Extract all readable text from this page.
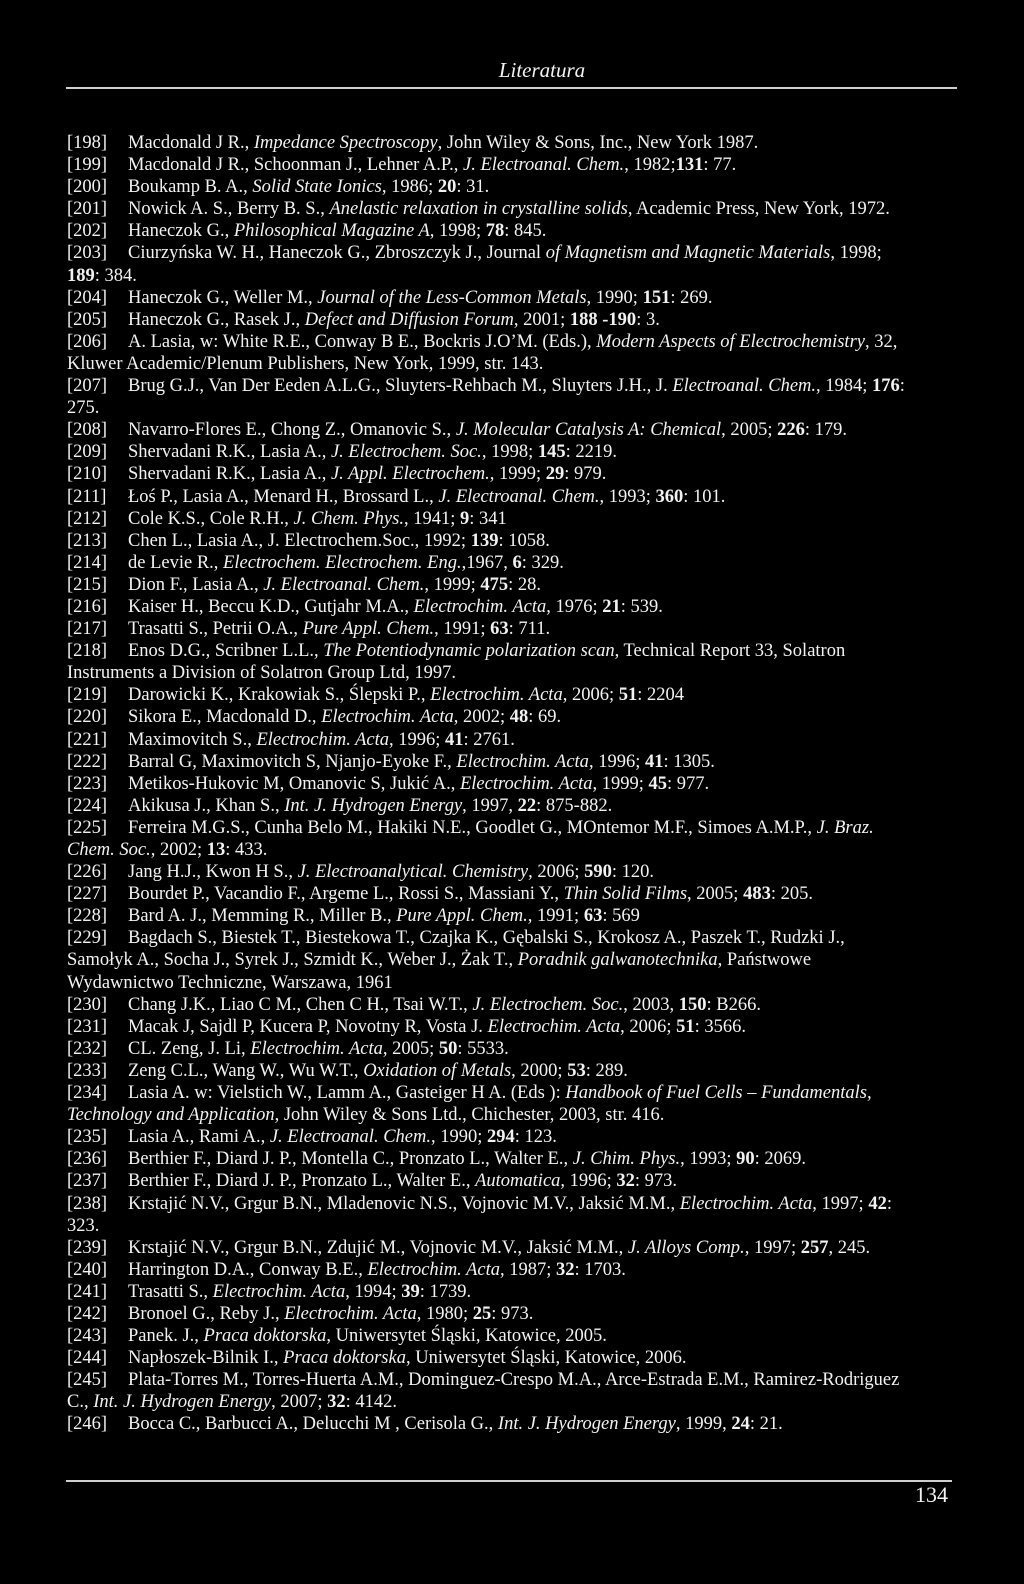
Literatura
[198] Macdonald J R., Impedance Spectroscopy, John Wiley & Sons, Inc., New York 1987.
[199] Macdonald J R., Schoonman J., Lehner A.P., J. Electroanal. Chem., 1982;131: 77.
[200] Boukamp B. A., Solid State Ionics, 1986; 20: 31.
[201] Nowick A. S., Berry B. S., Anelastic relaxation in crystalline solids, Academic Press, New York, 1972.
[202] Haneczok G., Philosophical Magazine A, 1998; 78: 845.
[203] Ciurzyńska W. H., Haneczok G., Zbroszczyk J., Journal of Magnetism and Magnetic Materials, 1998;
189: 384.
[204] Haneczok G., Weller M., Journal of the Less-Common Metals, 1990; 151: 269.
[205] Haneczok G., Rasek J., Defect and Diffusion Forum, 2001; 188 -190: 3.
[206] A. Lasia, w: White R.E., Conway B E., Bockris J.O’M. (Eds.), Modern Aspects of Electrochemistry, 32,
Kluwer Academic/Plenum Publishers, New York, 1999, str. 143.
[207] Brug G.J., Van Der Eeden A.L.G., Sluyters-Rehbach M., Sluyters J.H., J. Electroanal. Chem., 1984; 176:
275.
[208] Navarro-Flores E., Chong Z., Omanovic S., J. Molecular Catalysis A: Chemical, 2005; 226: 179.
[209] Shervadani R.K., Lasia A., J. Electrochem. Soc., 1998; 145: 2219.
[210] Shervadani R.K., Lasia A., J. Appl. Electrochem., 1999; 29: 979.
[211] Łoś P., Lasia A., Menard H., Brossard L., J. Electroanal. Chem., 1993; 360: 101.
[212] Cole K.S., Cole R.H., J. Chem. Phys., 1941; 9: 341
[213] Chen L., Lasia A., J. Electrochem.Soc., 1992; 139: 1058.
[214] de Levie R., Electrochem. Electrochem. Eng.,1967, 6: 329.
[215] Dion F., Lasia A., J. Electroanal. Chem., 1999; 475: 28.
[216] Kaiser H., Beccu K.D., Gutjahr M.A., Electrochim. Acta, 1976; 21: 539.
[217] Trasatti S., Petrii O.A., Pure Appl. Chem., 1991; 63: 711.
[218] Enos D.G., Scribner L.L., The Potentiodynamic polarization scan, Technical Report 33, Solatron
Instruments a Division of Solatron Group Ltd, 1997.
[219] Darowicki K., Krakowiak S., Ślepski P., Electrochim. Acta, 2006; 51: 2204
[220] Sikora E., Macdonald D., Electrochim. Acta, 2002; 48: 69.
[221] Maximovitch S., Electrochim. Acta, 1996; 41: 2761.
[222] Barral G, Maximovitch S, Njanjo-Eyoke F., Electrochim. Acta, 1996; 41: 1305.
[223] Metikos-Hukovic M, Omanovic S, Jukić A., Electrochim. Acta, 1999; 45: 977.
[224] Akikusa J., Khan S., Int. J. Hydrogen Energy, 1997, 22: 875-882.
[225] Ferreira M.G.S., Cunha Belo M., Hakiki N.E., Goodlet G., MOntemor M.F., Simoes A.M.P., J. Braz.
Chem. Soc., 2002; 13: 433.
[226] Jang H.J., Kwon H S., J. Electroanalytical. Chemistry, 2006; 590: 120.
[227] Bourdet P., Vacandio F., Argeme L., Rossi S., Massiani Y., Thin Solid Films, 2005; 483: 205.
[228] Bard A. J., Memming R., Miller B., Pure Appl. Chem., 1991; 63: 569
[229] Bagdach S., Biestek T., Biestekowa T., Czajka K., Gębalski S., Krokosz A., Paszek T., Rudzki J.,
Samołyk A., Socha J., Syrek J., Szmidt K., Weber J., Żak T., Poradnik galwanotechnika, Państwowe
Wydawnictwo Techniczne, Warszawa, 1961
[230] Chang J.K., Liao C M., Chen C H., Tsai W.T., J. Electrochem. Soc., 2003, 150: B266.
[231] Macak J, Sajdl P, Kucera P, Novotny R, Vosta J. Electrochim. Acta, 2006; 51: 3566.
[232] CL. Zeng, J. Li, Electrochim. Acta, 2005; 50: 5533.
[233] Zeng C.L., Wang W., Wu W.T., Oxidation of Metals, 2000; 53: 289.
[234] Lasia A. w: Vielstich W., Lamm A., Gasteiger H A. (Eds ): Handbook of Fuel Cells – Fundamentals,
Technology and Application, John Wiley & Sons Ltd., Chichester, 2003, str. 416.
[235] Lasia A., Rami A., J. Electroanal. Chem., 1990; 294: 123.
[236] Berthier F., Diard J. P., Montella C., Pronzato L., Walter E., J. Chim. Phys., 1993; 90: 2069.
[237] Berthier F., Diard J. P., Pronzato L., Walter E., Automatica, 1996; 32: 973.
[238] Krstajić N.V., Grgur B.N., Mladenovic N.S., Vojnovic M.V., Jaksić M.M., Electrochim. Acta, 1997; 42:
323.
[239] Krstajić N.V., Grgur B.N., Zdujić M., Vojnovic M.V., Jaksić M.M., J. Alloys Comp., 1997; 257, 245.
[240] Harrington D.A., Conway B.E., Electrochim. Acta, 1987; 32: 1703.
[241] Trasatti S., Electrochim. Acta, 1994; 39: 1739.
[242] Bronoel G., Reby J., Electrochim. Acta, 1980; 25: 973.
[243] Panek. J., Praca doktorska, Uniwersytet Śląski, Katowice, 2005.
[244] Napłoszek-Bilnik I., Praca doktorska, Uniwersytet Śląski, Katowice, 2006.
[245] Plata-Torres M., Torres-Huerta A.M., Dominguez-Crespo M.A., Arce-Estrada E.M., Ramirez-Rodriguez
C., Int. J. Hydrogen Energy, 2007; 32: 4142.
[246] Bocca C., Barbucci A., Delucchi M , Cerisola G., Int. J. Hydrogen Energy, 1999, 24: 21.
134
